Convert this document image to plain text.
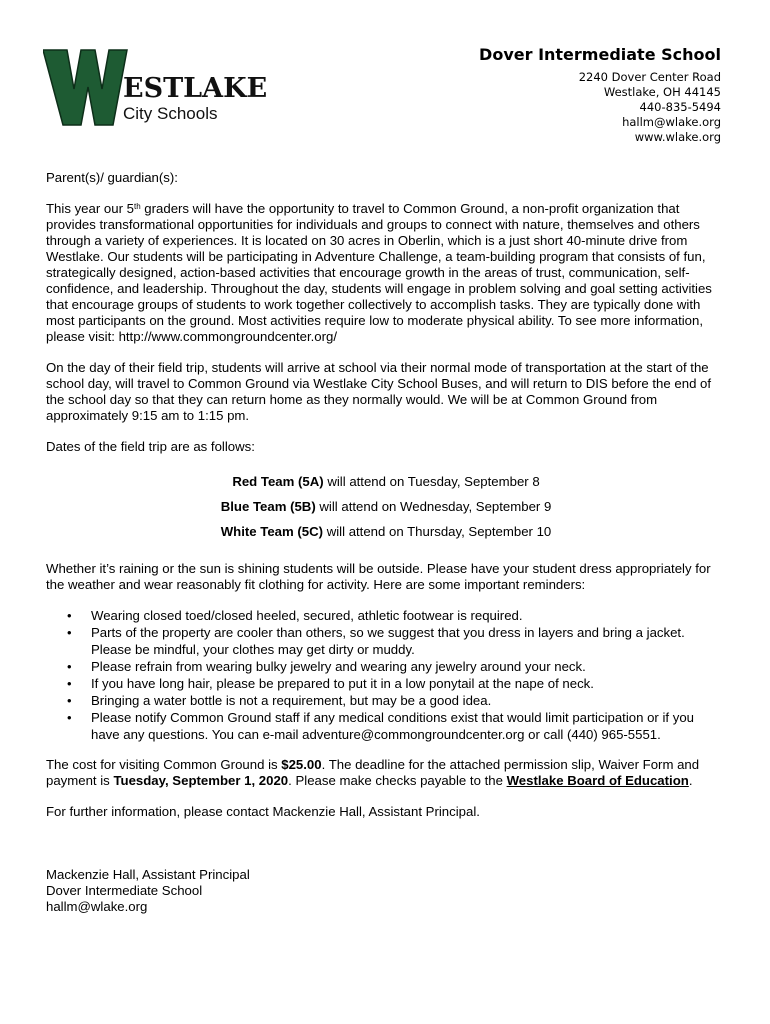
ESTLAKE
City Schools
Dover Intermediate School
2240 Dover Center Road
Westlake, OH 44145
440-835-5494
hallm@wlake.org
www.wlake.org

Parent(s)/ guardian(s):

This year our 5th graders will have the opportunity to travel to Common Ground, a non-profit organization that provides transformational opportunities for individuals and groups to connect with nature, themselves and others through a variety of experiences. It is located on 30 acres in Oberlin, which is a just short 40-minute drive from Westlake. Our students will be participating in Adventure Challenge, a team-building program that consists of fun, strategically designed, action-based activities that encourage growth in the areas of trust, communication, self-confidence, and leadership. Throughout the day, students will engage in problem solving and goal setting activities that encourage groups of students to work together collectively to accomplish tasks. They are typically done with most participants on the ground. Most activities require low to moderate physical ability. To see more information, please visit: http://www.commongroundcenter.org/

On the day of their field trip, students will arrive at school via their normal mode of transportation at the start of the school day, will travel to Common Ground via Westlake City School Buses, and will return to DIS before the end of the school day so that they can return home as they normally would. We will be at Common Ground from approximately 9:15 am to 1:15 pm.

Dates of the field trip are as follows:

Red Team (5A) will attend on Tuesday, September 8
Blue Team (5B) will attend on Wednesday, September 9
White Team (5C) will attend on Thursday, September 10

Whether it’s raining or the sun is shining students will be outside. Please have your student dress appropriately for the weather and wear reasonably fit clothing for activity. Here are some important reminders:

• Wearing closed toed/closed heeled, secured, athletic footwear is required.
• Parts of the property are cooler than others, so we suggest that you dress in layers and bring a jacket. Please be mindful, your clothes may get dirty or muddy.
• Please refrain from wearing bulky jewelry and wearing any jewelry around your neck.
• If you have long hair, please be prepared to put it in a low ponytail at the nape of neck.
• Bringing a water bottle is not a requirement, but may be a good idea.
• Please notify Common Ground staff if any medical conditions exist that would limit participation or if you have any questions. You can e-mail adventure@commongroundcenter.org or call (440) 965-5551.

The cost for visiting Common Ground is $25.00. The deadline for the attached permission slip, Waiver Form and payment is Tuesday, September 1, 2020. Please make checks payable to the Westlake Board of Education.

For further information, please contact Mackenzie Hall, Assistant Principal.

Mackenzie Hall, Assistant Principal
Dover Intermediate School
hallm@wlake.org
